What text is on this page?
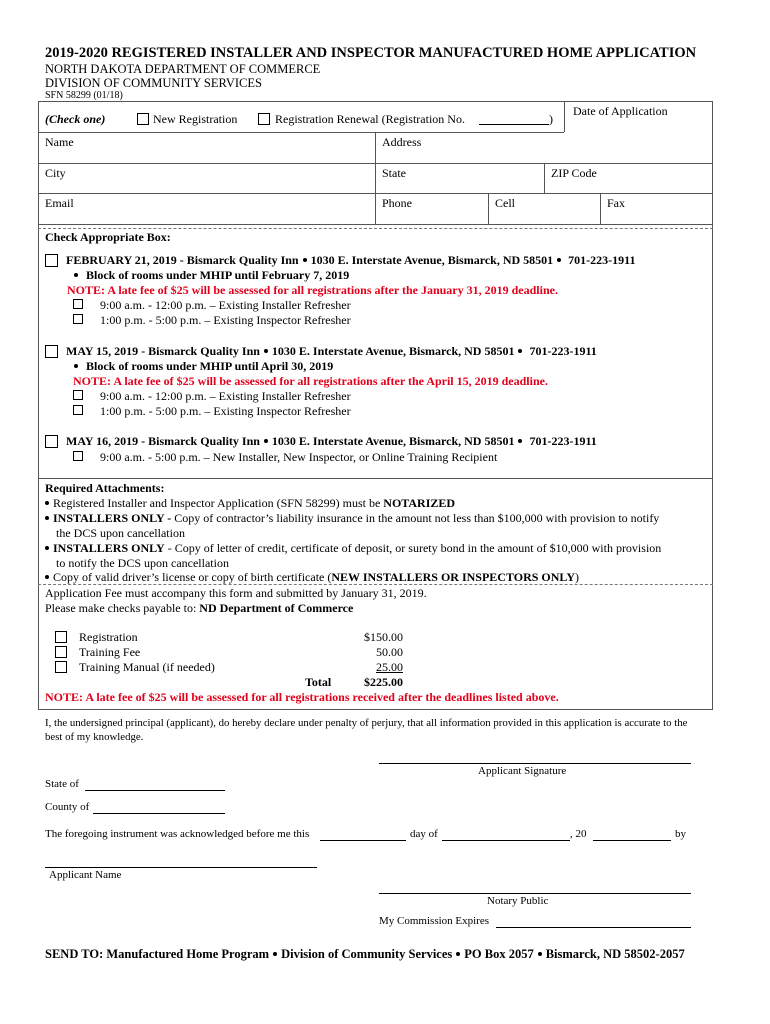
2019-2020 REGISTERED INSTALLER AND INSPECTOR MANUFACTURED HOME APPLICATION
NORTH DAKOTA DEPARTMENT OF COMMERCE
DIVISION OF COMMUNITY SERVICES
SFN 58299 (01/18)
(Check one)	New Registration	Registration Renewal (Registration No.	)
Date of Application
Name	Address
City	State	ZIP Code
Email	Phone	Cell	Fax
Check Appropriate Box:
FEBRUARY 21, 2019 - Bismarck Quality Inn 1030 E. Interstate Avenue, Bismarck, ND 58501 701-223-1911
Block of rooms under MHIP until February 7, 2019
NOTE: A late fee of $25 will be assessed for all registrations after the January 31, 2019 deadline.
9:00 a.m. - 12:00 p.m. – Existing Installer Refresher
1:00 p.m. - 5:00 p.m. – Existing Inspector Refresher
MAY 15, 2019 - Bismarck Quality Inn 1030 E. Interstate Avenue, Bismarck, ND 58501 701-223-1911
Block of rooms under MHIP until April 30, 2019
NOTE: A late fee of $25 will be assessed for all registrations after the April 15, 2019 deadline.
9:00 a.m. - 12:00 p.m. – Existing Installer Refresher
1:00 p.m. - 5:00 p.m. – Existing Inspector Refresher
MAY 16, 2019 - Bismarck Quality Inn 1030 E. Interstate Avenue, Bismarck, ND 58501 701-223-1911
9:00 a.m. - 5:00 p.m. – New Installer, New Inspector, or Online Training Recipient
Required Attachments:
Registered Installer and Inspector Application (SFN 58299) must be NOTARIZED
INSTALLERS ONLY - Copy of contractor’s liability insurance in the amount not less than $100,000 with provision to notify
the DCS upon cancellation
INSTALLERS ONLY - Copy of letter of credit, certificate of deposit, or surety bond in the amount of $10,000 with provision
to notify the DCS upon cancellation
Copy of valid driver’s license or copy of birth certificate (NEW INSTALLERS OR INSPECTORS ONLY)
Application Fee must accompany this form and submitted by January 31, 2019.
Please make checks payable to: ND Department of Commerce
Registration	$150.00
Training Fee	50.00
Training Manual (if needed)	25.00
Total	$225.00
NOTE: A late fee of $25 will be assessed for all registrations received after the deadlines listed above.
I, the undersigned principal (applicant), do hereby declare under penalty of perjury, that all information provided in this application is accurate to the
best of my knowledge.
Applicant Signature
State of
County of
The foregoing instrument was acknowledged before me this	day of	, 20	by
Applicant Name
Notary Public
My Commission Expires
SEND TO: Manufactured Home Program Division of Community Services PO Box 2057 Bismarck, ND 58502-2057
